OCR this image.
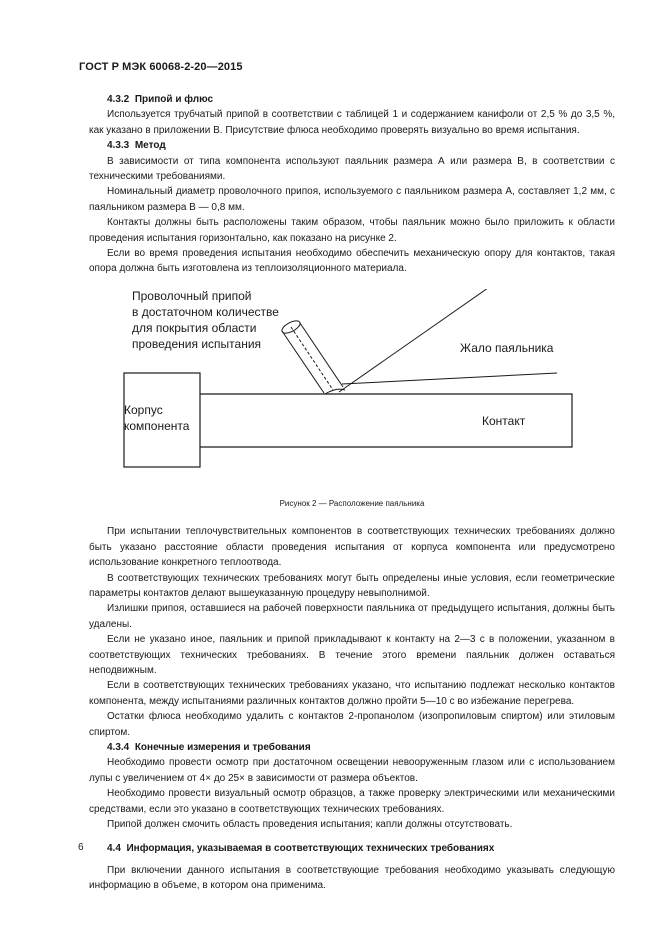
ГОСТ Р МЭК 60068-2-20—2015
4.3.2 Припой и флюс

Используется трубчатый припой в соответствии с таблицей 1 и содержанием канифоли от 2,5 % до 3,5 %, как указано в приложении В. Присутствие флюса необходимо проверять визуально во время испытания.

4.3.3 Метод

В зависимости от типа компонента используют паяльник размера А или размера В, в соответствии с техническими требованиями.

Номинальный диаметр проволочного припоя, используемого с паяльником размера А, составляет 1,2 мм, с паяльником размера В — 0,8 мм.

Контакты должны быть расположены таким образом, чтобы паяльник можно было приложить к области проведения испытания горизонтально, как показано на рисунке 2.

Если во время проведения испытания необходимо обеспечить механическую опору для контактов, такая опора должна быть изготовлена из теплоизоляционного материала.

Проволочный припой
в достаточном количестве
для покрытия области
проведения испытания	Жало паяльника
Корпус
компонента	Контакт
Рисунок 2 — Расположение паяльника

При испытании теплочувствительных компонентов в соответствующих технических требованиях должно быть указано расстояние области проведения испытания от корпуса компонента или предусмотрено использование конкретного теплоотвода.

В соответствующих технических требованиях могут быть определены иные условия, если геометрические параметры контактов делают вышеуказанную процедуру невыполнимой.

Излишки припоя, оставшиеся на рабочей поверхности паяльника от предыдущего испытания, должны быть удалены.

Если не указано иное, паяльник и припой прикладывают к контакту на 2—3 с в положении, указанном в соответствующих технических требованиях. В течение этого времени паяльник должен оставаться неподвижным.

Если в соответствующих технических требованиях указано, что испытанию подлежат несколько контактов компонента, между испытаниями различных контактов должно пройти 5—10 с во избежание перегрева.

Остатки флюса необходимо удалить с контактов 2-пропанолом (изопропиловым спиртом) или этиловым спиртом.

4.3.4 Конечные измерения и требования

Необходимо провести осмотр при достаточном освещении невооруженным глазом или с использованием лупы с увеличением от 4× до 25× в зависимости от размера объектов.

Необходимо провести визуальный осмотр образцов, а также проверку электрическими или механическими средствами, если это указано в соответствующих технических требованиях.

Припой должен смочить область проведения испытания; капли должны отсутствовать.

4.4 Информация, указываемая в соответствующих технических требованиях

При включении данного испытания в соответствующие требования необходимо указывать следующую информацию в объеме, в котором она применима.

6
